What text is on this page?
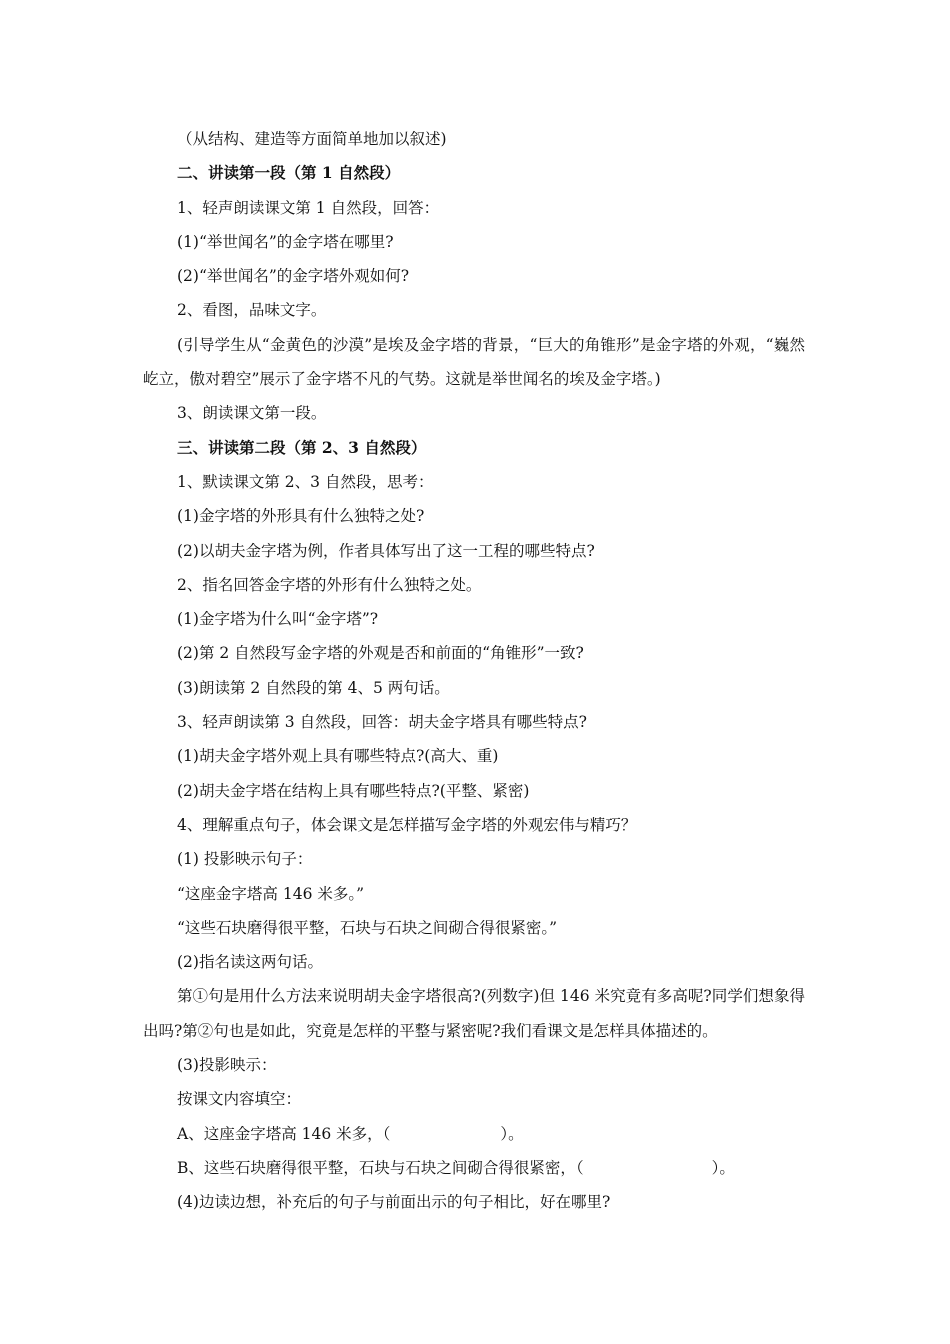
（从结构、建造等方面简单地加以叙述)
二、讲读第一段（第 1 自然段）
1、轻声朗读课文第 1 自然段，回答：
(1)“举世闻名”的金字塔在哪里?
(2)“举世闻名”的金字塔外观如何?
2、看图，品味文字。
(引导学生从“金黄色的沙漠”是埃及金字塔的背景，“巨大的角锥形”是金字塔的外观，“巍然屹立，傲对碧空”展示了金字塔不凡的气势。这就是举世闻名的埃及金字塔。)
3、朗读课文第一段。
三、讲读第二段（第 2、3 自然段）
1、默读课文第 2、3 自然段，思考：
(1)金字塔的外形具有什么独特之处?
(2)以胡夫金字塔为例，作者具体写出了这一工程的哪些特点?
2、指名回答金字塔的外形有什么独特之处。
(1)金字塔为什么叫“金字塔”?
(2)第 2 自然段写金字塔的外观是否和前面的“角锥形”一致?
(3)朗读第 2 自然段的第 4、5 两句话。
3、轻声朗读第 3 自然段，回答：胡夫金字塔具有哪些特点?
(1)胡夫金字塔外观上具有哪些特点?(高大、重)
(2)胡夫金字塔在结构上具有哪些特点?(平整、紧密)
4、理解重点句子，体会课文是怎样描写金字塔的外观宏伟与精巧？
(1) 投影映示句子：
“这座金字塔高 146 米多。”
“这些石块磨得很平整，石块与石块之间砌合得很紧密。”
(2)指名读这两句话。
第①句是用什么方法来说明胡夫金字塔很高?(列数字)但 146 米究竟有多高呢?同学们想象得出吗?第②句也是如此，究竟是怎样的平整与紧密呢?我们看课文是怎样具体描述的。
(3)投影映示：
按课文内容填空：
A、这座金字塔高 146 米多，（	）。
B、这些石块磨得很平整，石块与石块之间砌合得很紧密，（	）。
(4)边读边想，补充后的句子与前面出示的句子相比，好在哪里?
